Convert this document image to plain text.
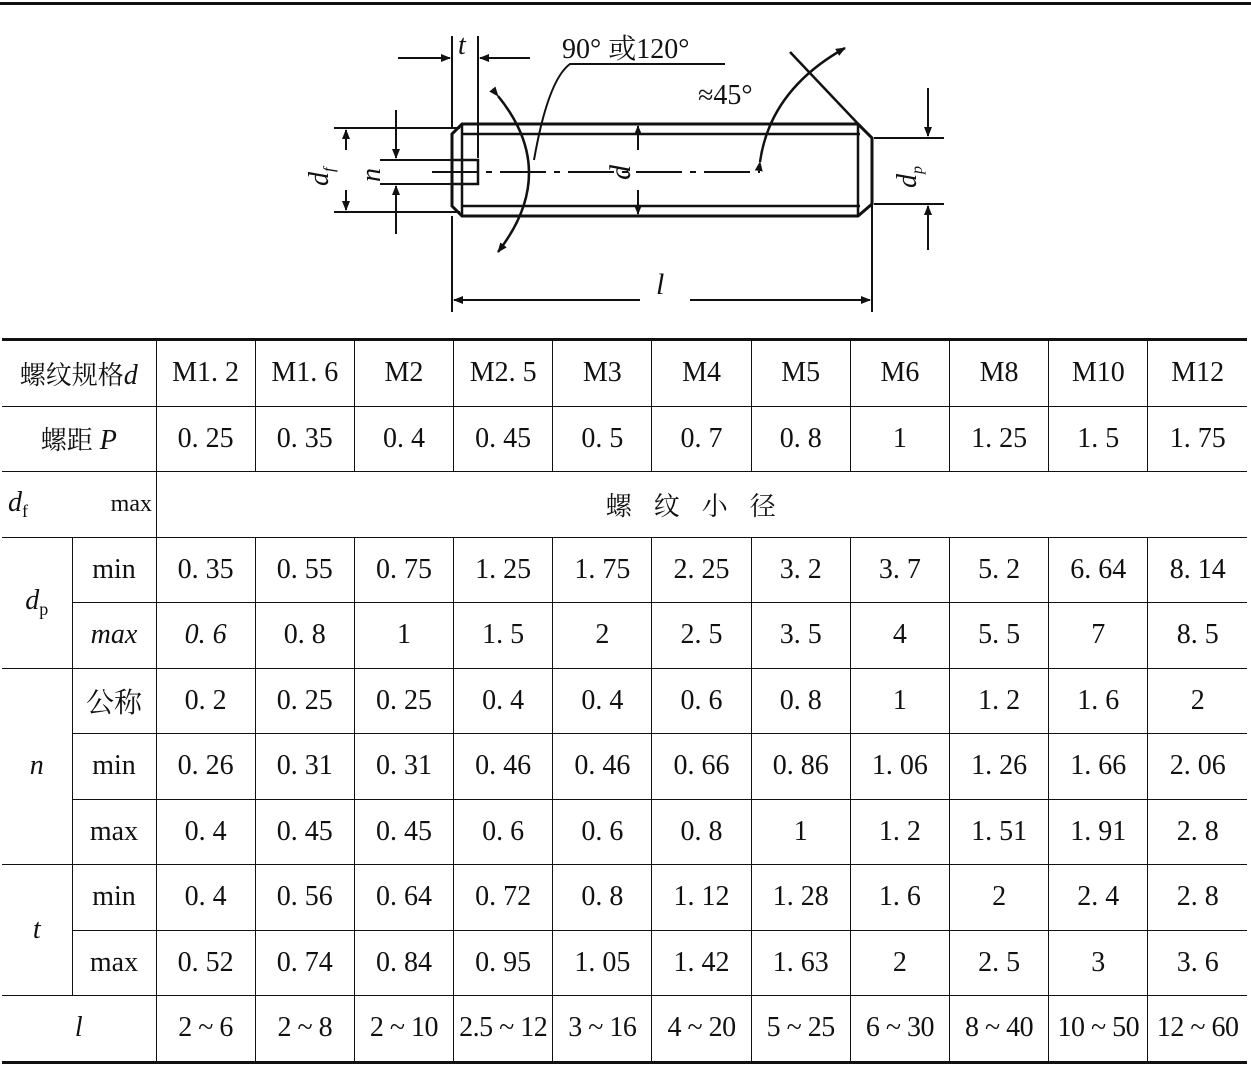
t	90° 或120°
≈45°
$d_f$ n	d
$d_p$
l
螺纹规格d		M1. 2	M1. 6	M2	M2. 5	M3	M4	M5	M6	M8	M10	M12
螺距 P		0. 25	0. 35	0. 4	0. 45	0. 5	0. 7	0. 8	1	1. 25	1. 5	1. 75
$d_f$ max		螺纹小径										
$d_p$	min	0. 35	0. 55	0. 75	1. 25	1. 75	2. 25	3. 2	3. 7	5. 2	6. 64	8. 14
	max	0. 6	0. 8	1	1. 5	2	2. 5	3. 5	4	5. 5	7	8. 5
n	公称	0. 2	0. 25	0. 25	0. 4	0. 4	0. 6	0. 8	1	1. 2	1. 6	2
	min	0. 26	0. 31	0. 31	0. 46	0. 46	0. 66	0. 86	1. 06	1. 26	1. 66	2. 06
	max	0. 4	0. 45	0. 45	0. 6	0. 6	0. 8	1	1. 2	1. 51	1. 91	2. 8
t	min	0. 4	0. 56	0. 64	0. 72	0. 8	1. 12	1. 28	1. 6	2	2. 4	2. 8
	max	0. 52	0. 74	0. 84	0. 95	1. 05	1. 42	1. 63	2	2. 5	3	3. 6
l		2 ~ 6	2 ~ 8	2 ~ 10	2.5 ~ 12	3 ~ 16	4 ~ 20	5 ~ 25	6 ~ 30	8 ~ 40	10 ~ 50	12 ~ 60
